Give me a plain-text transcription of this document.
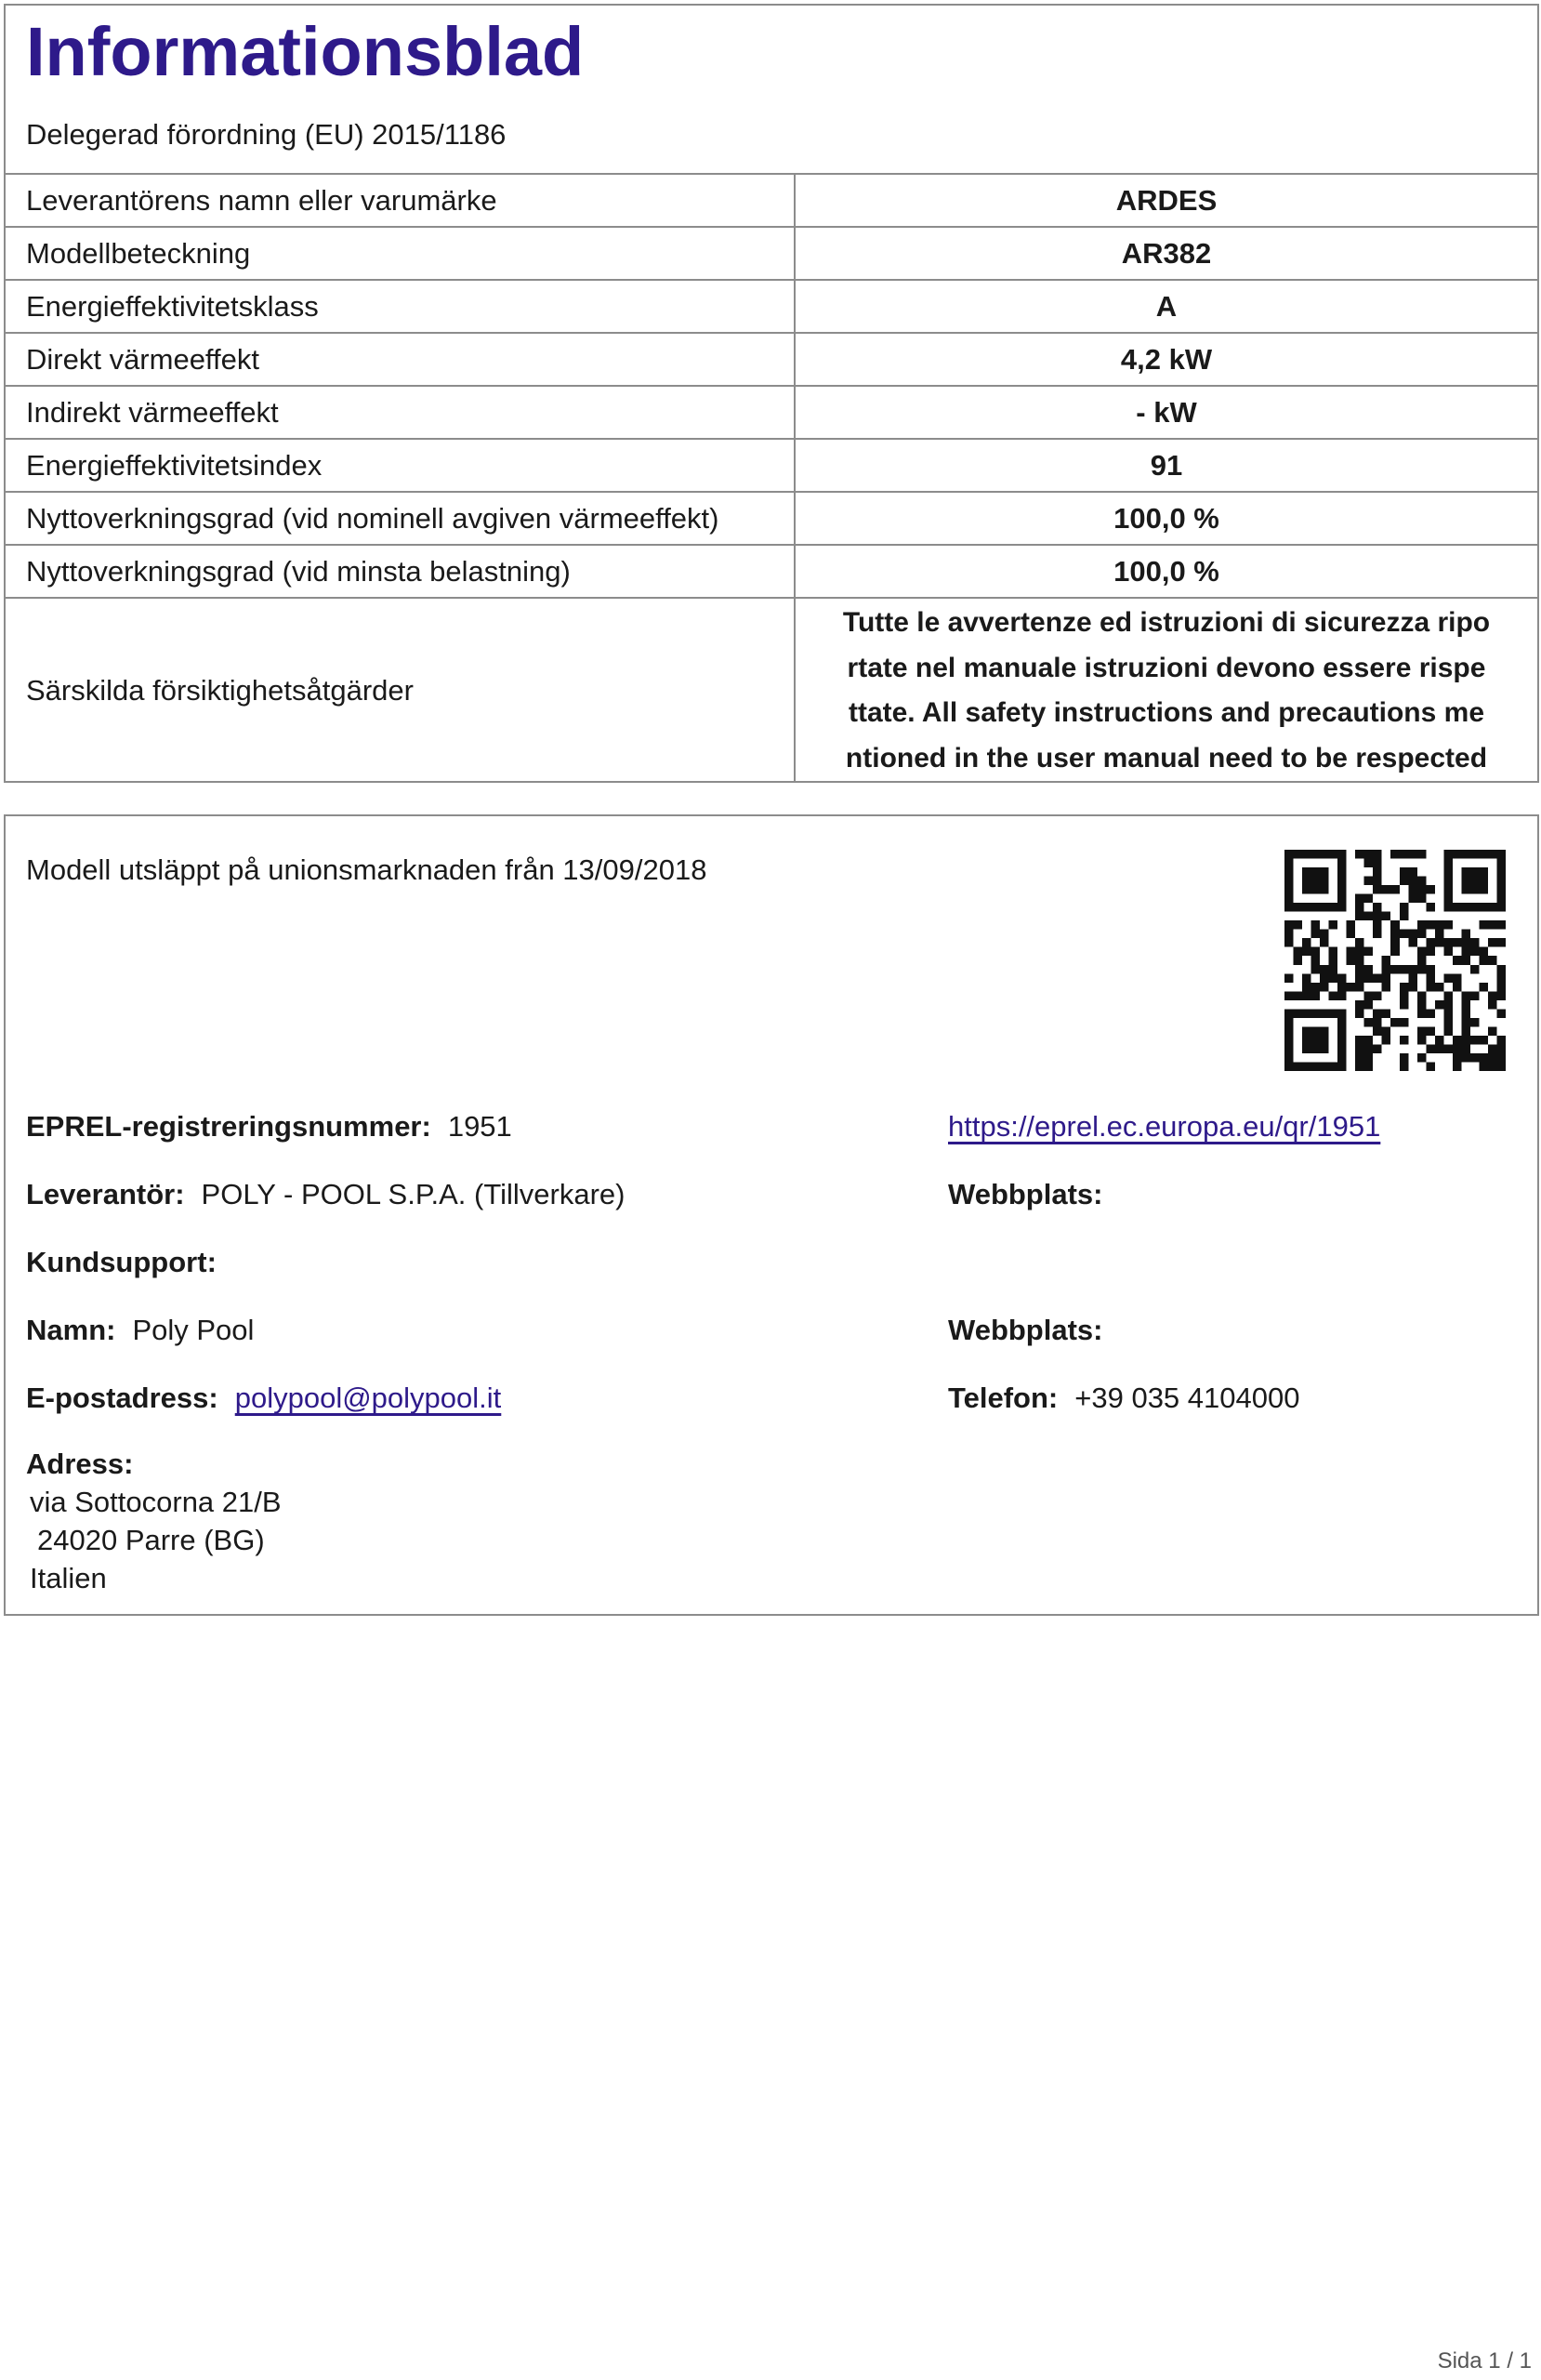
Informationsblad
Delegerad förordning (EU) 2015/1186
Leverantörens namn eller varumärke	ARDES
Modellbeteckning	AR382
Energieffektivitetsklass	A
Direkt värmeeffekt	4,2 kW
Indirekt värmeeffekt	- kW
Energieffektivitetsindex	91
Nyttoverkningsgrad (vid nominell avgiven värmeeffekt)	100,0 %
Nyttoverkningsgrad (vid minsta belastning)	100,0 %
Särskilda försiktighetsåtgärder	Tutte le avvertenze ed istruzioni di sicurezza ripo
rtate nel manuale istruzioni devono essere rispe
ttate. All safety instructions and precautions me
ntioned in the user manual need to be respected
Modell utsläppt på unionsmarknaden från 13/09/2018
EPREL-registreringsnummer: 1951	https://eprel.ec.europa.eu/qr/1951
Leverantör: POLY - POOL S.P.A. (Tillverkare)	Webbplats:
Kundsupport:
Namn: Poly Pool	Webbplats:
E-postadress: polypool@polypool.it	Telefon: +39 035 4104000
Adress:
via Sottocorna 21/B
24020 Parre (BG)
Italien
Sida 1 / 1
